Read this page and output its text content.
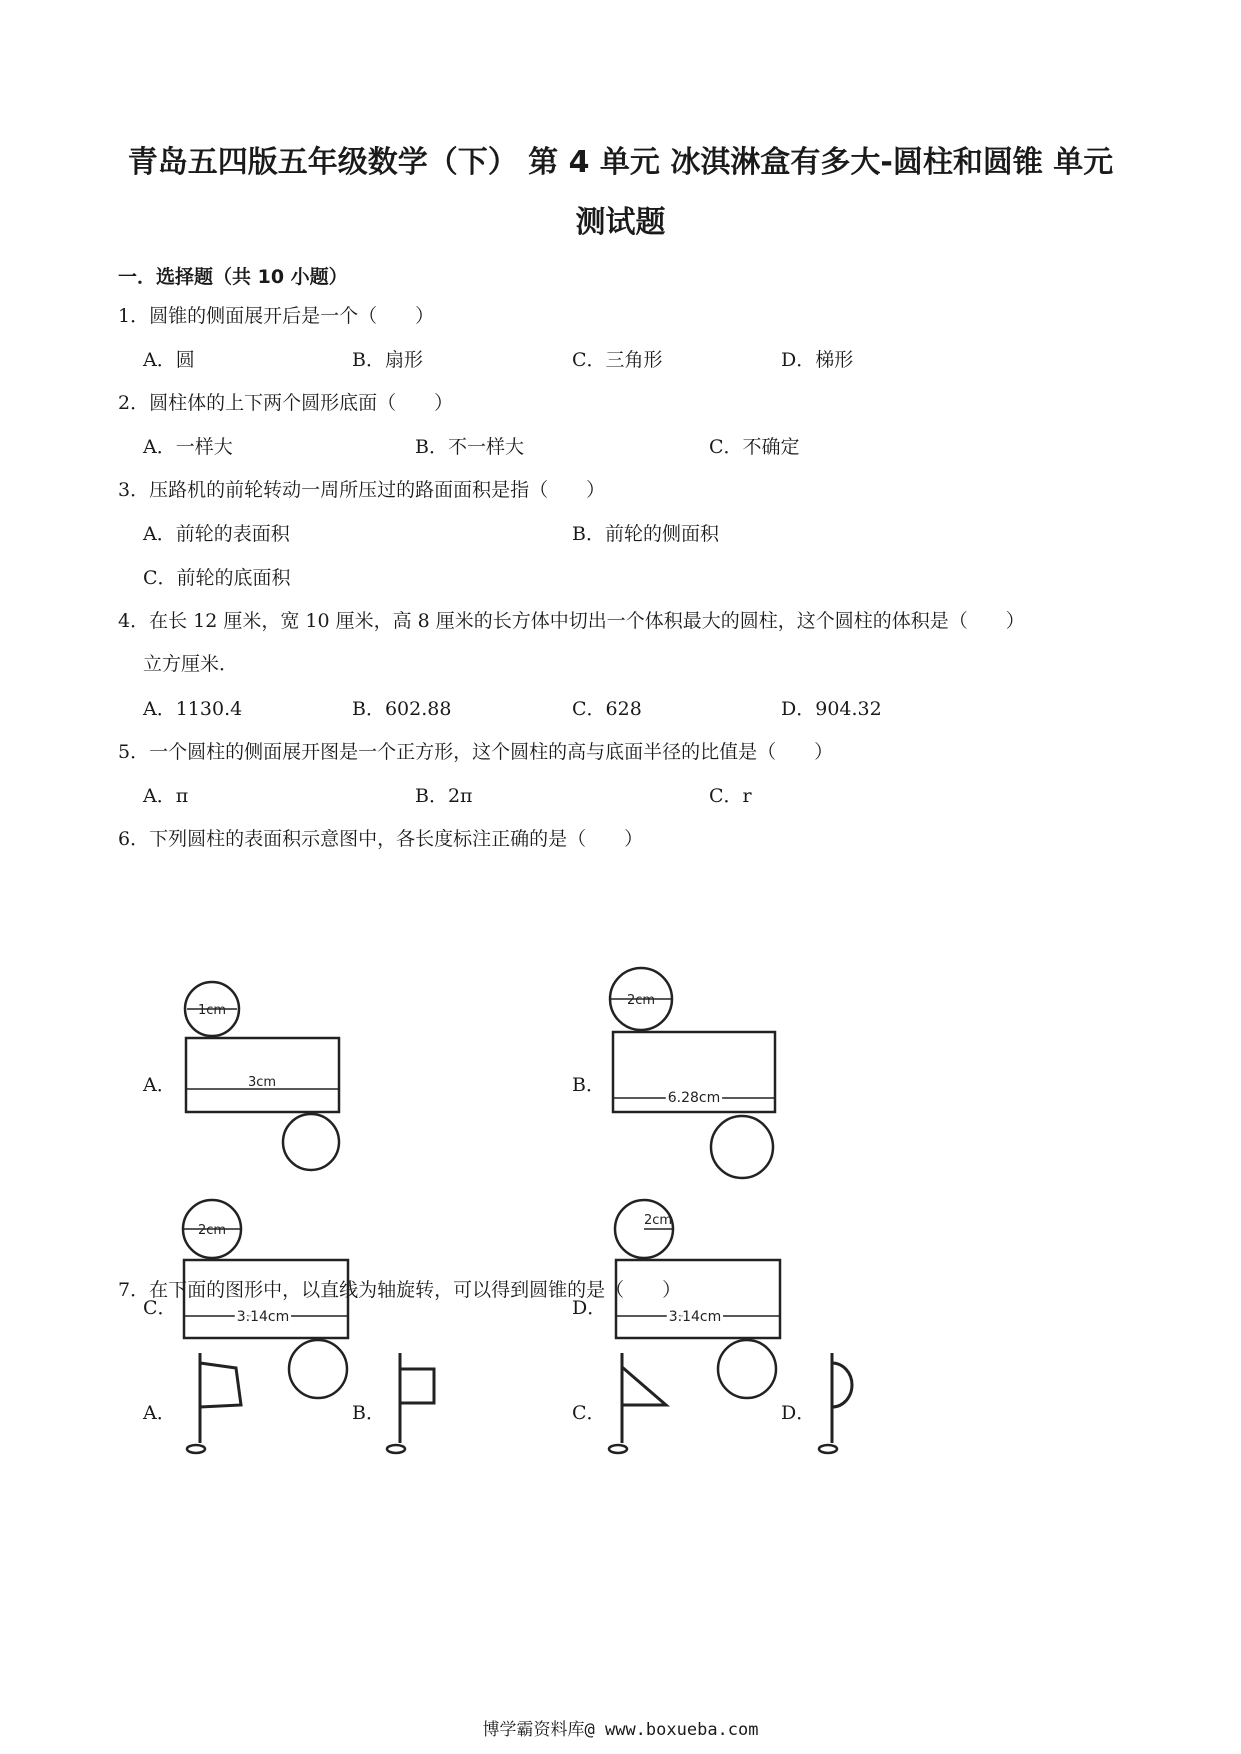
青岛五四版五年级数学（下） 第 4 单元 冰淇淋盒有多大-圆柱和圆锥 单元
测试题
一．选择题（共 10 小题）
1．圆锥的侧面展开后是一个（　　）
A．圆	B．扇形	C．三角形	D．梯形
2．圆柱体的上下两个圆形底面（　　）
A．一样大	B．不一样大	C．不确定
3．压路机的前轮转动一周所压过的路面面积是指（　　）
A．前轮的表面积	B．前轮的侧面积
C．前轮的底面积
4．在长 12 厘米，宽 10 厘米，高 8 厘米的长方体中切出一个体积最大的圆柱，这个圆柱的体积是（　　）
立方厘米．
A．1130.4	B．602.88	C．628	D．904.32
5．一个圆柱的侧面展开图是一个正方形，这个圆柱的高与底面半径的比值是（　　）
A．π	B．2π	C．r
6．下列圆柱的表面积示意图中，各长度标注正确的是（　　）
A．
1cm
3cm	B．
2cm
6.28cm
C．
2cm
3.14cm	D．
2cm
3.14cm
7．在下面的图形中，以直线为轴旋转，可以得到圆锥的是（　　）
A．	B．	C．	D．
博学霸资料库@ www.boxueba.com
